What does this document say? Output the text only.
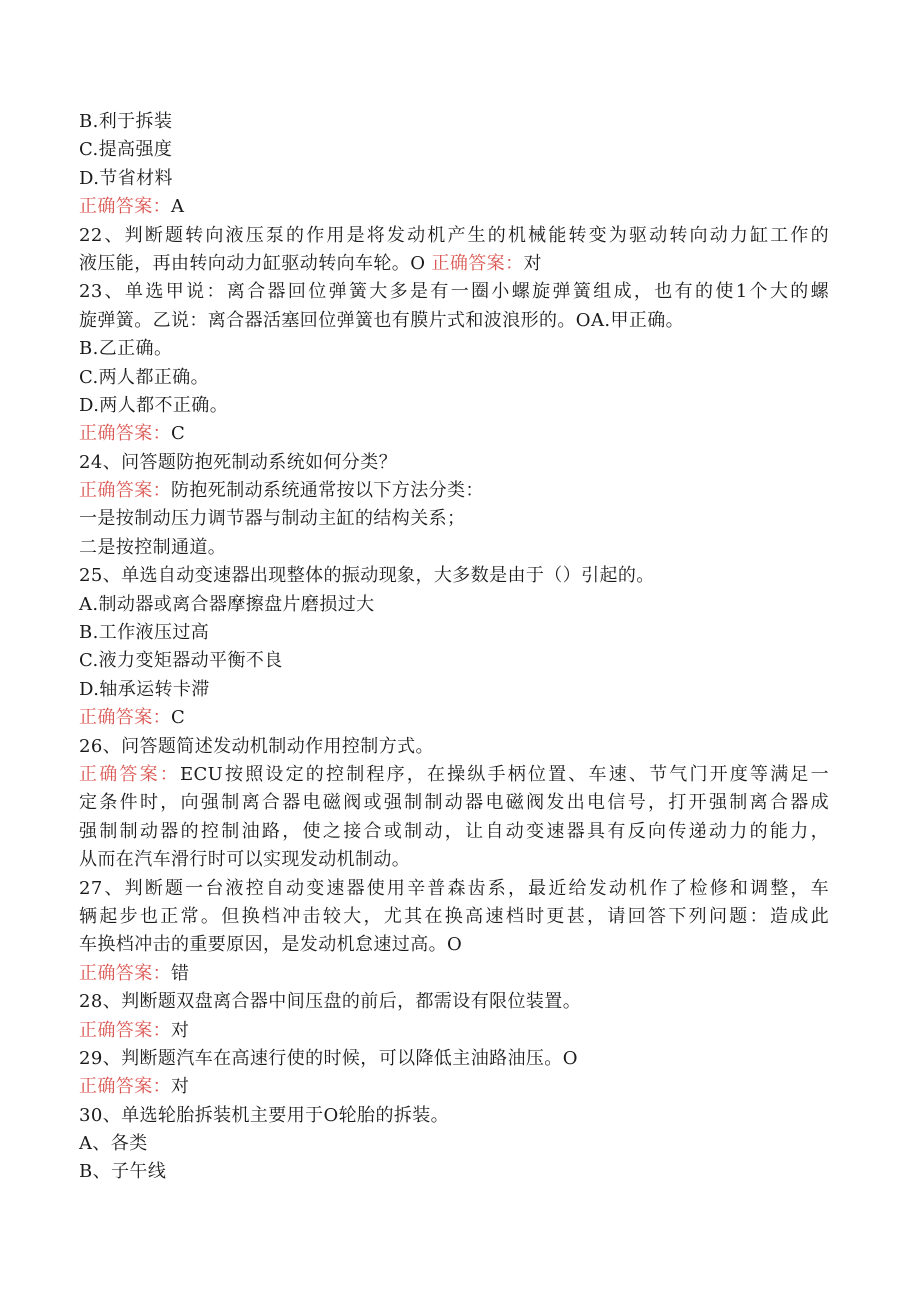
B.利于拆装
C.提高强度
D.节省材料
正确答案：A
22、判断题转向液压泵的作用是将发动机产生的机械能转变为驱动转向动力缸工作的
液压能，再由转向动力缸驱动转向车轮。O 正确答案：对
23、单选甲说：离合器回位弹簧大多是有一圈小螺旋弹簧组成，也有的使1个大的螺
旋弹簧。乙说：离合器活塞回位弹簧也有膜片式和波浪形的。OA.甲正确。
B.乙正确。
C.两人都正确。
D.两人都不正确。
正确答案：C
24、问答题防抱死制动系统如何分类？
正确答案：防抱死制动系统通常按以下方法分类：
一是按制动压力调节器与制动主缸的结构关系；
二是按控制通道。
25、单选自动变速器出现整体的振动现象，大多数是由于（）引起的。
A.制动器或离合器摩擦盘片磨损过大
B.工作液压过高
C.液力变矩器动平衡不良
D.轴承运转卡滞
正确答案：C
26、问答题简述发动机制动作用控制方式。
正确答案：ECU按照设定的控制程序，在操纵手柄位置、车速、节气门开度等满足一
定条件时，向强制离合器电磁阀或强制制动器电磁阀发出电信号，打开强制离合器成
强制制动器的控制油路，使之接合或制动，让自动变速器具有反向传递动力的能力，
从而在汽车滑行时可以实现发动机制动。
27、判断题一台液控自动变速器使用辛普森齿系，最近给发动机作了检修和调整，车
辆起步也正常。但换档冲击较大，尤其在换高速档时更甚，请回答下列问题：造成此
车换档冲击的重要原因，是发动机怠速过高。O
正确答案：错
28、判断题双盘离合器中间压盘的前后，都需设有限位装置。
正确答案：对
29、判断题汽车在高速行使的时候，可以降低主油路油压。O
正确答案：对
30、单选轮胎拆装机主要用于O轮胎的拆装。
A、各类
B、子午线
